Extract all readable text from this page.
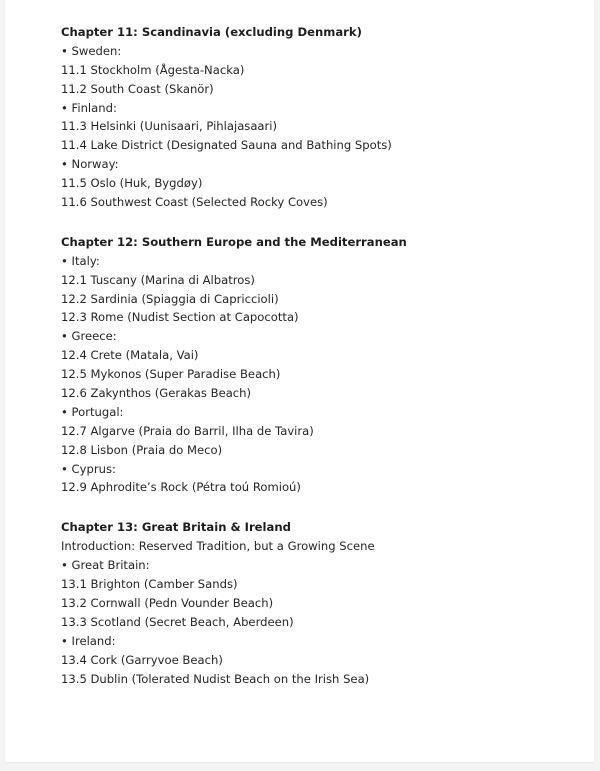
Chapter 11: Scandinavia (excluding Denmark)
• Sweden:
11.1 Stockholm (Ågesta-Nacka)
11.2 South Coast (Skanör)
• Finland:
11.3 Helsinki (Uunisaari, Pihlajasaari)
11.4 Lake District (Designated Sauna and Bathing Spots)
• Norway:
11.5 Oslo (Huk, Bygdøy)
11.6 Southwest Coast (Selected Rocky Coves)
Chapter 12: Southern Europe and the Mediterranean
• Italy:
12.1 Tuscany (Marina di Albatros)
12.2 Sardinia (Spiaggia di Capriccioli)
12.3 Rome (Nudist Section at Capocotta)
• Greece:
12.4 Crete (Matala, Vai)
12.5 Mykonos (Super Paradise Beach)
12.6 Zakynthos (Gerakas Beach)
• Portugal:
12.7 Algarve (Praia do Barril, Ilha de Tavira)
12.8 Lisbon (Praia do Meco)
• Cyprus:
12.9 Aphrodite’s Rock (Pétra toú Romioú)
Chapter 13: Great Britain & Ireland
Introduction: Reserved Tradition, but a Growing Scene
• Great Britain:
13.1 Brighton (Camber Sands)
13.2 Cornwall (Pedn Vounder Beach)
13.3 Scotland (Secret Beach, Aberdeen)
• Ireland:
13.4 Cork (Garryvoe Beach)
13.5 Dublin (Tolerated Nudist Beach on the Irish Sea)
